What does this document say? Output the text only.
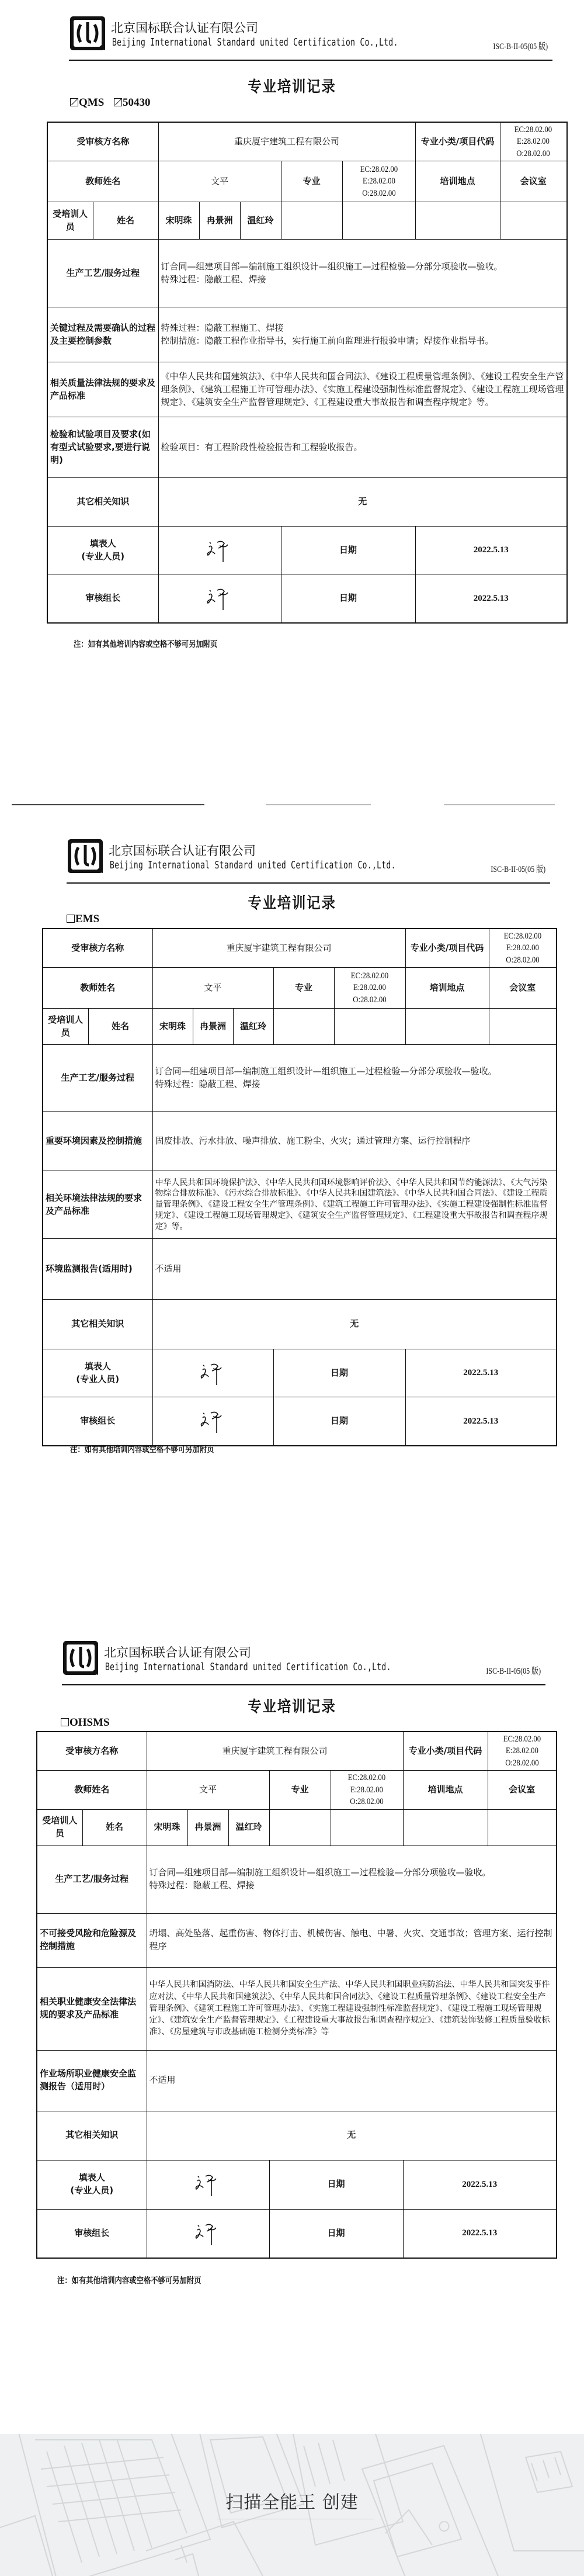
北京国标联合认证有限公司
Beijing International Standard united Certification Co.,Ltd.	ISC-B-II-05(05 版)
专业培训记录
QMS 50430
受审核方名称		重庆厦宇建筑工程有限公司					专业小类/项目代码	EC:28.02.00
E:28.02.00
O:28.02.00
教师姓名		文平			专业	EC:28.02.00
E:28.02.00
O:28.02.00	培训地点	会议室
受培训人员	姓名	宋明珠	冉景洲	温红玲				
生产工艺/服务过程		订合同—组建项目部—编制施工组织设计—组织施工—过程检验—分部分项验收—验收。
特殊过程：隐蔽工程、焊接						
关键过程及需要确认的过程及主要控制参数		特殊过程：隐蔽工程施工、焊接
控制措施：隐蔽工程作业指导书，实行施工前向监理进行报验申请；焊接作业指导书。						
相关质量法律法规的要求及产品标准		《中华人民共和国建筑法》、《中华人民共和国合同法》、《建设工程质量管理条例》、《建设工程安全生产管理条例》、《建筑工程施工许可管理办法》、《实施工程建设强制性标准监督规定》、《建设工程施工现场管理规定》、《建筑安全生产监督管理规定》、《工程建设重大事故报告和调查程序规定》等。						
检验和试验项目及要求(如有型式试验要求,要进行说明)		检验项目：有工程阶段性检验报告和工程验收报告。						
其它相关知识		无						
填表人
(专业人员)					日期		2022.5.13	
审核组长					日期		2022.5.13	
注：如有其他培训内容或空格不够可另加附页
北京国标联合认证有限公司
Beijing International Standard united Certification Co.,Ltd.	ISC-B-II-05(05 版)
专业培训记录
EMS
受审核方名称		重庆厦宇建筑工程有限公司					专业小类/项目代码	EC:28.02.00
E:28.02.00
O:28.02.00
教师姓名		文平			专业	EC:28.02.00
E:28.02.00
O:28.02.00	培训地点	会议室
受培训人员	姓名	宋明珠	冉景洲	温红玲				
生产工艺/服务过程		订合同—组建项目部—编制施工组织设计—组织施工—过程检验—分部分项验收—验收。
特殊过程：隐蔽工程、焊接						
重要环境因素及控制措施		固废排放、污水排放、噪声排放、施工粉尘、火灾；通过管理方案、运行控制程序						
相关环境法律法规的要求及产品标准		中华人民共和国环境保护法》、《中华人民共和国环境影响评价法》、《中华人民共和国节约能源法》、《大气污染物综合排放标准》、《污水综合排放标准》、《中华人民共和国建筑法》、《中华人民共和国合同法》、《建设工程质量管理条例》、《建设工程安全生产管理条例》、《建筑工程施工许可管理办法》、《实施工程建设强制性标准监督规定》、《建设工程施工现场管理规定》、《建筑安全生产监督管理规定》、《工程建设重大事故报告和调查程序规定》等。						
环境监测报告(适用时)		不适用						
其它相关知识		无						
填表人
(专业人员)					日期		2022.5.13	
审核组长					日期		2022.5.13	
注：如有其他培训内容或空格不够可另加附页
北京国标联合认证有限公司
Beijing International Standard united Certification Co.,Ltd.	ISC-B-II-05(05 版)
专业培训记录
OHSMS
受审核方名称		重庆厦宇建筑工程有限公司					专业小类/项目代码	EC:28.02.00
E:28.02.00
O:28.02.00
教师姓名		文平			专业	EC:28.02.00
E:28.02.00
O:28.02.00	培训地点	会议室
受培训人员	姓名	宋明珠	冉景洲	温红玲				
生产工艺/服务过程		订合同—组建项目部—编制施工组织设计—组织施工—过程检验—分部分项验收—验收。
特殊过程：隐蔽工程、焊接						
不可接受风险和危险源及控制措施		坍塌、高处坠落、起重伤害、物体打击、机械伤害、触电、中暑、火灾、交通事故；管理方案、运行控制程序						
相关职业健康安全法律法规的要求及产品标准		中华人民共和国消防法、中华人民共和国安全生产法、中华人民共和国职业病防治法、中华人民共和国突发事件应对法、《中华人民共和国建筑法》、《中华人民共和国合同法》、《建设工程质量管理条例》、《建设工程安全生产管理条例》、《建筑工程施工许可管理办法》、《实施工程建设强制性标准监督规定》、《建设工程施工现场管理规定》、《建筑安全生产监督管理规定》、《工程建设重大事故报告和调查程序规定》、《建筑装饰装修工程质量验收标准》、《房屋建筑与市政基础施工检测分类标准》等						
作业场所职业健康安全监测报告（适用时）		不适用						
其它相关知识		无						
填表人
(专业人员)					日期		2022.5.13	
审核组长					日期		2022.5.13	
注：如有其他培训内容或空格不够可另加附页
扫描全能王 创建
